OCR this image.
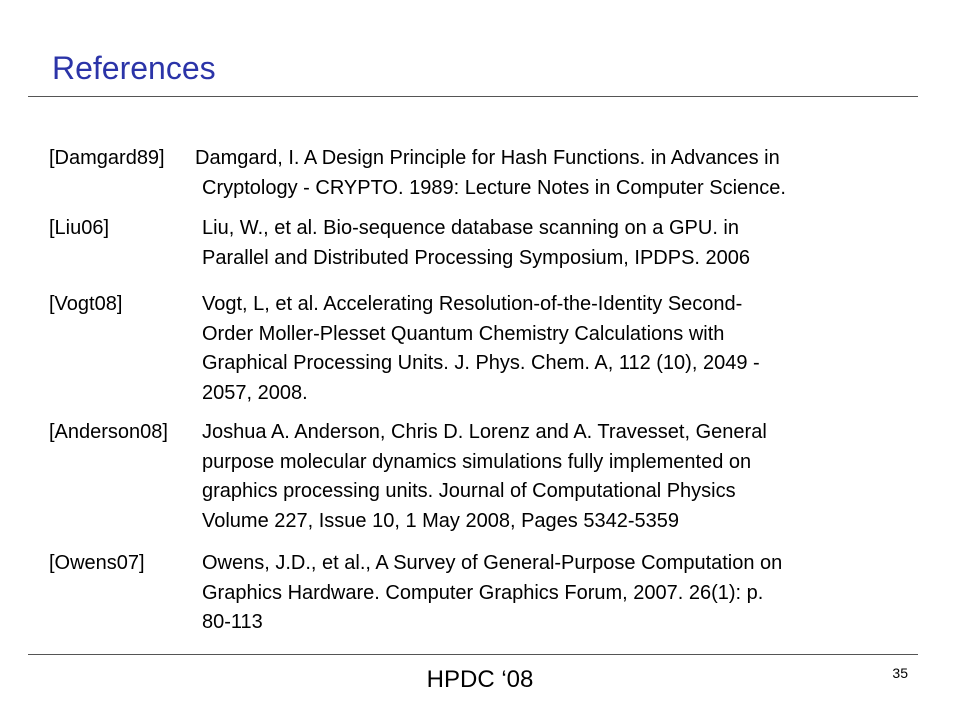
References
[Damgard89] Damgard, I. A Design Principle for Hash Functions. in Advances in
Cryptology - CRYPTO. 1989: Lecture Notes in Computer Science.
[Liu06]	Liu, W., et al. Bio-sequence database scanning on a GPU. in
Parallel and Distributed Processing Symposium, IPDPS. 2006
[Vogt08]	Vogt, L, et al. Accelerating Resolution-of-the-Identity Second-
Order Moller-Plesset Quantum Chemistry Calculations with
Graphical Processing Units. J. Phys. Chem. A, 112 (10), 2049 -
2057, 2008.
[Anderson08] Joshua A. Anderson, Chris D. Lorenz and A. Travesset, General
purpose molecular dynamics simulations fully implemented on
graphics processing units. Journal of Computational Physics
Volume 227, Issue 10, 1 May 2008, Pages 5342-5359
[Owens07]	Owens, J.D., et al., A Survey of General-Purpose Computation on
Graphics Hardware. Computer Graphics Forum, 2007. 26(1): p.
80-113
HPDC ‘08	35
